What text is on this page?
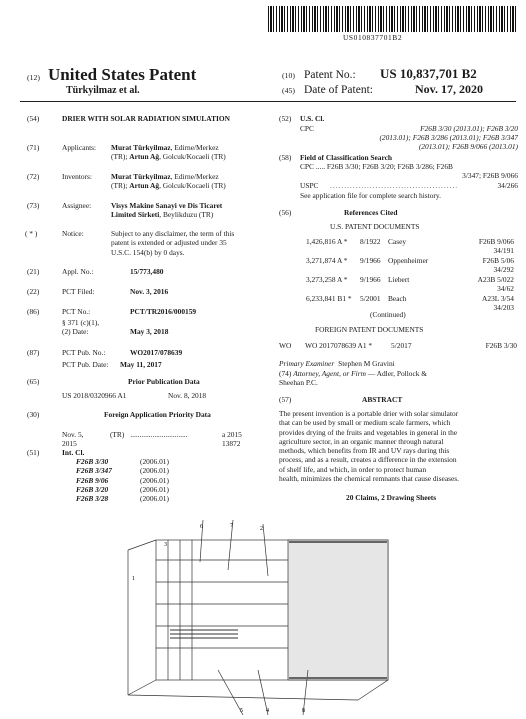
US010837701B2
(12) United States Patent
Türkyilmaz et al.
(10) Patent No.: US 10,837,701 B2
(45) Date of Patent:	Nov. 17, 2020
(54)	DRIER WITH SOLAR RADIATION SIMULATION
(71)	Applicants: Murat Türkyilmaz, Edirne/Merkez
(TR); Artun Ağ, Golcuk/Kocaeli (TR)
(72)	Inventors:	Murat Türkyilmaz, Edirne/Merkez
(TR); Artun Ağ, Golcuk/Kocaeli (TR)
(73)	Assignee:	Visys Makine Sanayi ve Dis Ticaret
Limited Sirketi, Beylikduzu (TR)
( * )	Notice:	Subject to any disclaimer, the term of this
patent is extended or adjusted under 35
U.S.C. 154(b) by 0 days.
(21)	Appl. No.:	15/773,480
(22)	PCT Filed:	Nov. 3, 2016
(86)	PCT No.:	PCT/TR2016/000159
§ 371 (c)(1),
(2) Date:	May 3, 2018
(87)	PCT Pub. No.:	WO2017/078639
PCT Pub. Date: May 11, 2017
(65)	Prior Publication Data
US 2018/0320966 A1	Nov. 8, 2018
(30)	Foreign Application Priority Data
Nov. 5, 2015
(TR) ...............................	a 2015 13872
(51)	Int. Cl.
F26B 3/30	(2006.01)
F26B 3/347	(2006.01)
F26B 9/06	(2006.01)
F26B 3/20	(2006.01)
F26B 3/28	(2006.01)
(52) U.S. Cl.
CPC	F26B 3/30 (2013.01); F26B 3/20
(2013.01); F26B 3/286 (2013.01); F26B 3/347
(2013.01); F26B 9/066 (2013.01)
(58) Field of Classification Search
CPC ..... F26B 3/30; F26B 3/20; F26B 3/286; F26B
3/347; F26B 9/066
USPC .............................................	34/266
See application file for complete search history.
(56)	References Cited
U.S. PATENT DOCUMENTS
1,426,816 A *	8/1922	Casey	F26B 9/066
34/191
3,271,874 A *	9/1966	Oppenheimer	F26B 5/06
34/292
3,273,258 A *	9/1966	Liebert	A23B 5/022
34/62
6,233,841 B1 *	5/2001	Beach	A23L 3/54
34/203
(Continued)
FOREIGN PATENT DOCUMENTS
WO	WO 2017078639 A1 *	5/2017	F26B 3/30
Primary Examiner Stephen M Gravini
(74) Attorney, Agent, or Firm — Adler, Pollock &
Sheehan P.C.
(57)	ABSTRACT
The present invention is a portable drier with solar simulator
that can be used by small or medium scale farmers, which
provides drying of the fruits and vegetables in general in the
agriculture sector, in an organic manner through natural
methods, which benefits from IR and UV rays during this
process, and as a result, creates a difference in the extension
of shelf life, and which, in order to protect human
health, minimizes the chemical remnants that cause diseases.
20 Claims, 2 Drawing Sheets
6	7	2
3
1
5	4	8
